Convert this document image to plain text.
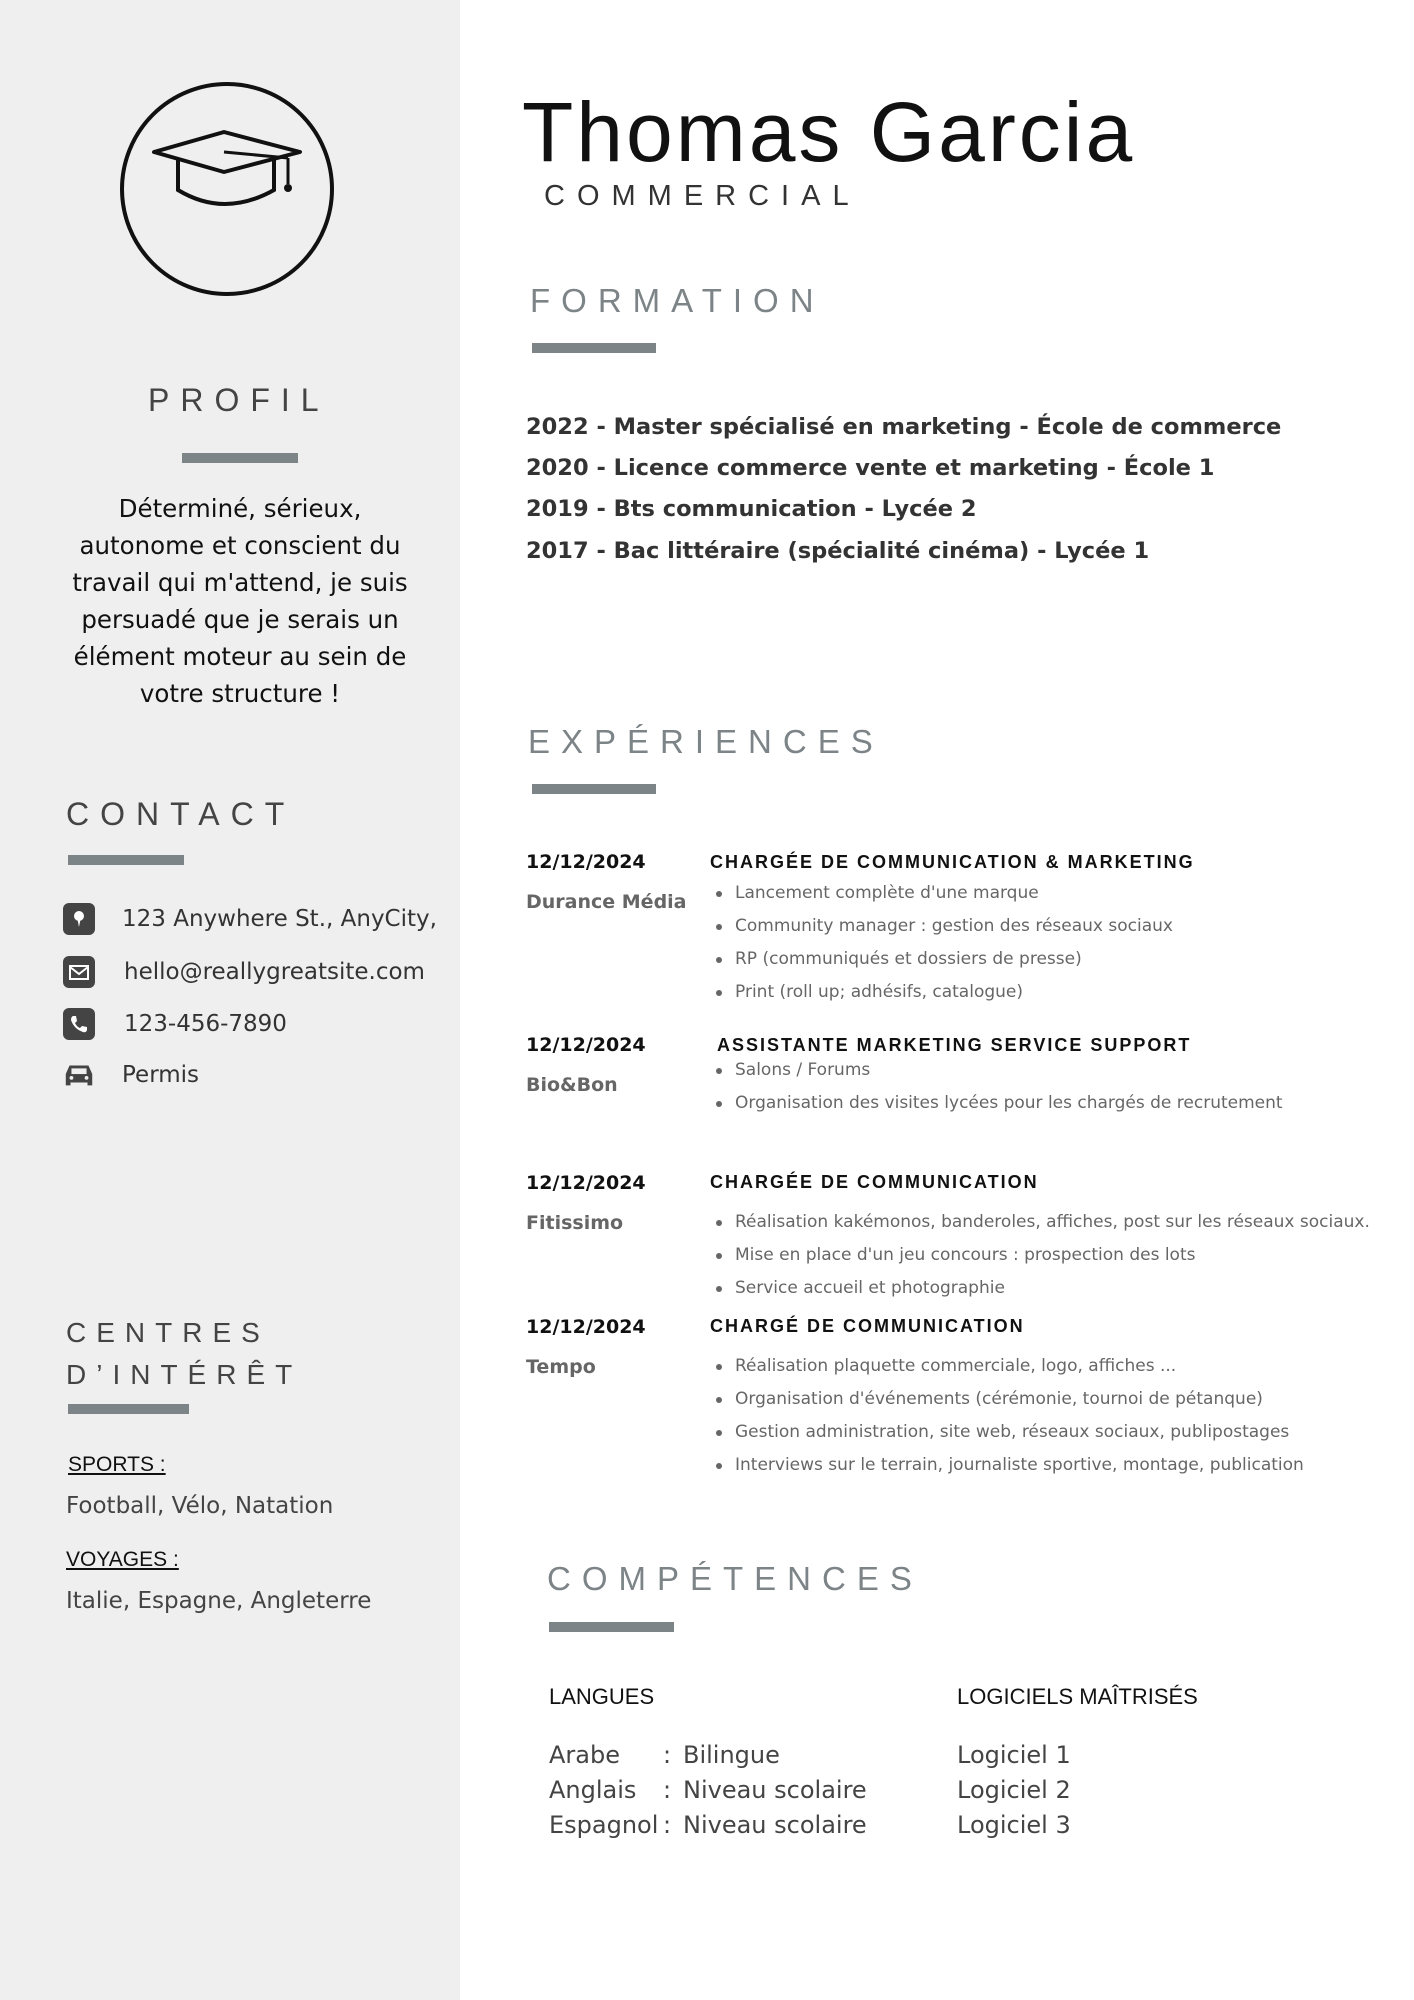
PROFIL
Déterminé, sérieux, autonome et conscient du travail qui m'attend, je suis persuadé que je serais un élément moteur au sein de votre structure !
CONTACT
123 Anywhere St., AnyCity,
hello@reallygreatsite.com
123-456-7890
Permis
CENTRES
D’INTÉRÊT
SPORTS :
Football, Vélo, Natation
VOYAGES :
Italie, Espagne, Angleterre
Thomas Garcia
COMMERCIAL
FORMATION
2022 - Master spécialisé en marketing - École de commerce
2020 - Licence commerce vente et marketing - École 1
2019 - Bts communication - Lycée 2
2017 - Bac littéraire (spécialité cinéma) - Lycée 1
EXPÉRIENCES
12/12/2024
Durance Média
CHARGÉE DE COMMUNICATION & MARKETING
Lancement complète d'une marque
Community manager : gestion des réseaux sociaux
RP (communiqués et dossiers de presse)
Print (roll up; adhésifs, catalogue)
12/12/2024
Bio&Bon
ASSISTANTE MARKETING SERVICE SUPPORT
Salons / Forums
Organisation des visites lycées pour les chargés de recrutement
12/12/2024
Fitissimo
CHARGÉE DE COMMUNICATION
Réalisation kakémonos, banderoles, affiches, post sur les réseaux sociaux.
Mise en place d'un jeu concours : prospection des lots
Service accueil et photographie
12/12/2024
Tempo
CHARGÉ DE COMMUNICATION
Réalisation plaquette commerciale, logo, affiches ...
Organisation d'événements (cérémonie, tournoi de pétanque)
Gestion administration, site web, réseaux sociaux, publipostages
Interviews sur le terrain, journaliste sportive, montage, publication
COMPÉTENCES
LANGUES
Arabe	: Bilingue
Anglais	: Niveau scolaire
Espagnol : Niveau scolaire
LOGICIELS MAÎTRISÉS
Logiciel 1
Logiciel 2
Logiciel 3
